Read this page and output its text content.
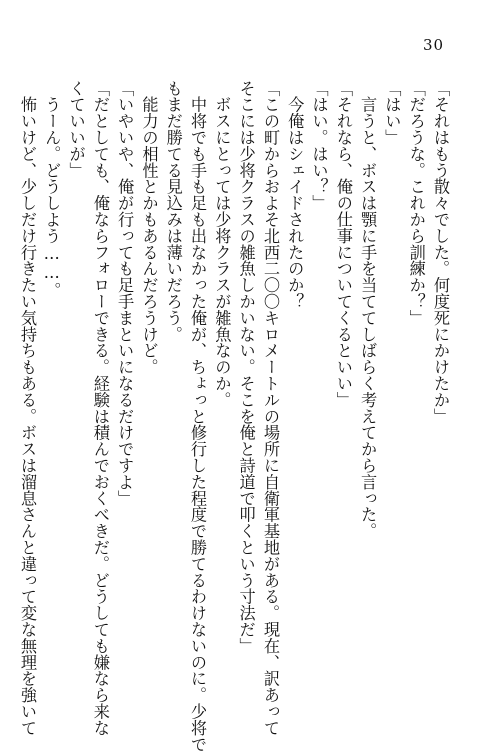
30

「それはもう散々でした。何度死にかけたか」

「だろうな。これから訓練か？」

「はい」

　言うと、ボスは顎に手を当ててしばらく考えてから言った。

「それなら、俺の仕事についてくるといい」

「はい。はい？」

　今俺はシェイドされたのか？

「この町からおよそ北西二〇〇キロメートルの場所に自衛軍基地がある。現在、訳あって

そこには少将クラスの雑魚しかいない。そこを俺と詩道で叩くという寸法だ」

　ボスにとっては少将クラスが雑魚なのか。

　中将でも手も足も出なかった俺が、ちょっと修行した程度で勝てるわけないのに。少将で

もまだ勝てる見込みは薄いだろう。

　能力の相性とかもあるんだろうけど。

「いやいや、俺が行っても足手まといになるだけですよ」

「だとしても、俺ならフォローできる。経験は積んでおくべきだ。どうしても嫌なら来な

くていいが」

　うーん。どうしよう……。

　怖いけど、少しだけ行きたい気持ちもある。ボスは溜息さんと違って変な無理を強いて
